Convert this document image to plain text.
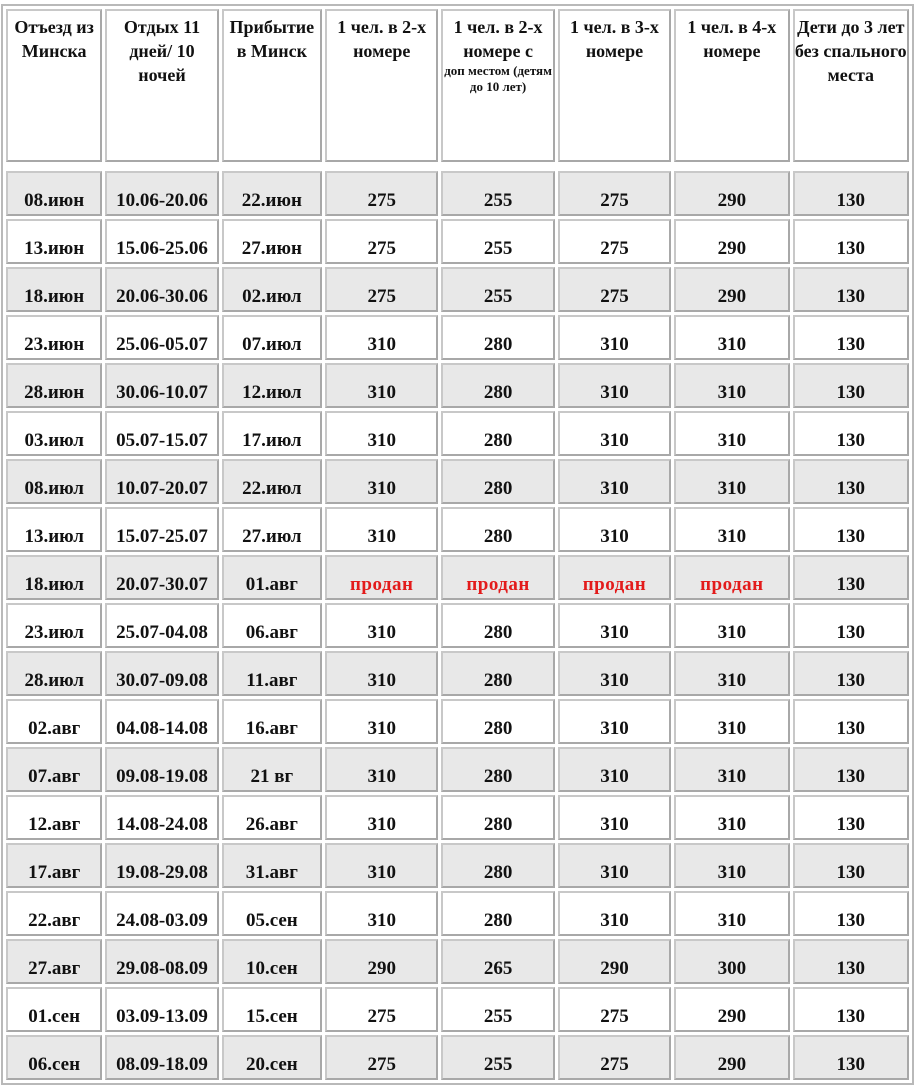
Отъезд из Минска	Отдых 11 дней/ 10 ночей	Прибытие в Минск	1 чел. в 2-х номере	1 чел. в 2-х номере с
доп местом (детям до 10 лет)	1 чел. в 3-х номере	1 чел. в 4-х номере	Дети до 3 лет без спального места

08.июн	10.06-20.06	22.июн	275	255	275	290	130
13.июн	15.06-25.06	27.июн	275	255	275	290	130
18.июн	20.06-30.06	02.июл	275	255	275	290	130
23.июн	25.06-05.07	07.июл	310	280	310	310	130
28.июн	30.06-10.07	12.июл	310	280	310	310	130
03.июл	05.07-15.07	17.июл	310	280	310	310	130
08.июл	10.07-20.07	22.июл	310	280	310	310	130
13.июл	15.07-25.07	27.июл	310	280	310	310	130
18.июл	20.07-30.07	01.авг	продан	продан	продан	продан	130
23.июл	25.07-04.08	06.авг	310	280	310	310	130
28.июл	30.07-09.08	11.авг	310	280	310	310	130
02.авг	04.08-14.08	16.авг	310	280	310	310	130
07.авг	09.08-19.08	21 вг	310	280	310	310	130
12.авг	14.08-24.08	26.авг	310	280	310	310	130
17.авг	19.08-29.08	31.авг	310	280	310	310	130
22.авг	24.08-03.09	05.сен	310	280	310	310	130
27.авг	29.08-08.09	10.сен	290	265	290	300	130
01.сен	03.09-13.09	15.сен	275	255	275	290	130
06.сен	08.09-18.09	20.сен	275	255	275	290	130
